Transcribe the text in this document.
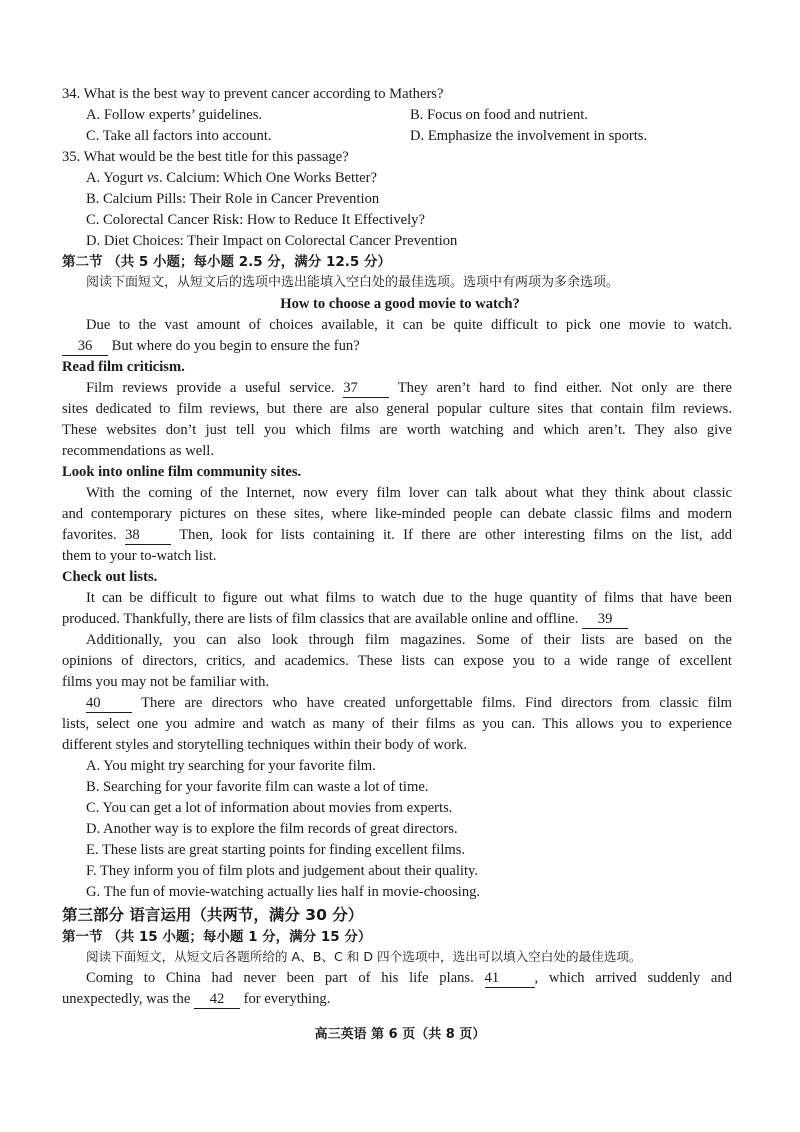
34. What is the best way to prevent cancer according to Mathers?
A. Follow experts’ guidelines.	B. Focus on food and nutrient.
C. Take all factors into account.	D. Emphasize the involvement in sports.
35. What would be the best title for this passage?
A. Yogurt vs. Calcium: Which One Works Better?
B. Calcium Pills: Their Role in Cancer Prevention
C. Colorectal Cancer Risk: How to Reduce It Effectively?
D. Diet Choices: Their Impact on Colorectal Cancer Prevention
第二节 （共 5 小题；每小题 2.5 分，满分 12.5 分）
阅读下面短文，从短文后的选项中选出能填入空白处的最佳选项。选项中有两项为多余选项。
How to choose a good movie to watch?
Due to the vast amount of choices available, it can be quite difficult to pick one movie to watch.
36 But where do you begin to ensure the fun?
Read film criticism.
Film reviews provide a useful service. 37 They aren’t hard to find either. Not only are there
sites dedicated to film reviews, but there are also general popular culture sites that contain film reviews.
These websites don’t just tell you which films are worth watching and which aren’t. They also give
recommendations as well.
Look into online film community sites.
With the coming of the Internet, now every film lover can talk about what they think about classic
and contemporary pictures on these sites, where like-minded people can debate classic films and modern
favorites. 38 Then, look for lists containing it. If there are other interesting films on the list, add
them to your to-watch list.
Check out lists.
It can be difficult to figure out what films to watch due to the huge quantity of films that have been
produced. Thankfully, there are lists of film classics that are available online and offline. 39
Additionally, you can also look through film magazines. Some of their lists are based on the
opinions of directors, critics, and academics. These lists can expose you to a wide range of excellent
films you may not be familiar with.
40 There are directors who have created unforgettable films. Find directors from classic film
lists, select one you admire and watch as many of their films as you can. This allows you to experience
different styles and storytelling techniques within their body of work.
A. You might try searching for your favorite film.
B. Searching for your favorite film can waste a lot of time.
C. You can get a lot of information about movies from experts.
D. Another way is to explore the film records of great directors.
E. These lists are great starting points for finding excellent films.
F. They inform you of film plots and judgement about their quality.
G. The fun of movie-watching actually lies half in movie-choosing.
第三部分 语言运用（共两节，满分 30 分）
第一节 （共 15 小题；每小题 1 分，满分 15 分）
阅读下面短文，从短文后各题所给的 A、B、C 和 D 四个选项中，选出可以填入空白处的最佳选项。
Coming to China had never been part of his life plans. 41 , which arrived suddenly and
unexpectedly, was the 42 for everything.
高三英语 第 6 页（共 8 页）
